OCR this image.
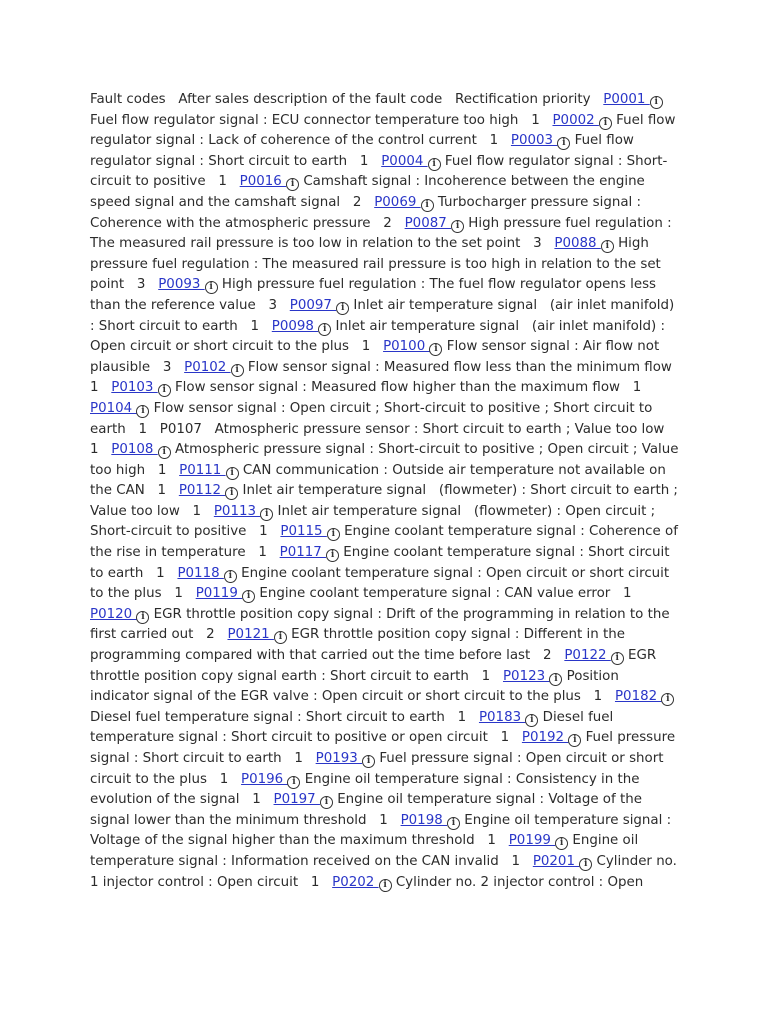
Fault codes   After sales description of the fault code   Rectification priority   P0001 i Fuel flow regulator signal : ECU connector temperature too high   1   P0002 i Fuel flow regulator signal : Lack of coherence of the control current   1   P0003 i Fuel flow regulator signal : Short circuit to earth   1   P0004 i Fuel flow regulator signal : Short-circuit to positive   1   P0016 i Camshaft signal : Incoherence between the engine speed signal and the camshaft signal   2   P0069 i Turbocharger pressure signal : Coherence with the atmospheric pressure   2   P0087 i High pressure fuel regulation : The measured rail pressure is too low in relation to the set point   3   P0088 i High pressure fuel regulation : The measured rail pressure is too high in relation to the set point   3   P0093 i High pressure fuel regulation : The fuel flow regulator opens less than the reference value   3   P0097 i Inlet air temperature signal   (air inlet manifold) : Short circuit to earth   1   P0098 i Inlet air temperature signal   (air inlet manifold) : Open circuit or short circuit to the plus   1   P0100 i Flow sensor signal : Air flow not plausible   3   P0102 i Flow sensor signal : Measured flow less than the minimum flow   1   P0103 i Flow sensor signal : Measured flow higher than the maximum flow   1   P0104 i Flow sensor signal : Open circuit ; Short-circuit to positive ; Short circuit to earth   1   P0107   Atmospheric pressure sensor : Short circuit to earth ; Value too low   1   P0108 i Atmospheric pressure signal : Short-circuit to positive ; Open circuit ; Value too high   1   P0111 i CAN communication : Outside air temperature not available on the CAN   1   P0112 i Inlet air temperature signal   (flowmeter) : Short circuit to earth ; Value too low   1   P0113 i Inlet air temperature signal   (flowmeter) : Open circuit ; Short-circuit to positive   1   P0115 i Engine coolant temperature signal : Coherence of the rise in temperature   1   P0117 i Engine coolant temperature signal : Short circuit to earth   1   P0118 i Engine coolant temperature signal : Open circuit or short circuit to the plus   1   P0119 i Engine coolant temperature signal : CAN value error   1   P0120 i EGR throttle position copy signal : Drift of the programming in relation to the first carried out   2   P0121 i EGR throttle position copy signal : Different in the programming compared with that carried out the time before last   2   P0122 i EGR throttle position copy signal earth : Short circuit to earth   1   P0123 i Position indicator signal of the EGR valve : Open circuit or short circuit to the plus   1   P0182 i Diesel fuel temperature signal : Short circuit to earth   1   P0183 i Diesel fuel temperature signal : Short circuit to positive or open circuit   1   P0192 i Fuel pressure signal : Short circuit to earth   1   P0193 i Fuel pressure signal : Open circuit or short circuit to the plus   1   P0196 i Engine oil temperature signal : Consistency in the evolution of the signal   1   P0197 i Engine oil temperature signal : Voltage of the signal lower than the minimum threshold   1   P0198 i Engine oil temperature signal : Voltage of the signal higher than the maximum threshold   1   P0199 i Engine oil temperature signal : Information received on the CAN invalid   1   P0201 i Cylinder no. 1 injector control : Open circuit   1   P0202 i Cylinder no. 2 injector control : Open
